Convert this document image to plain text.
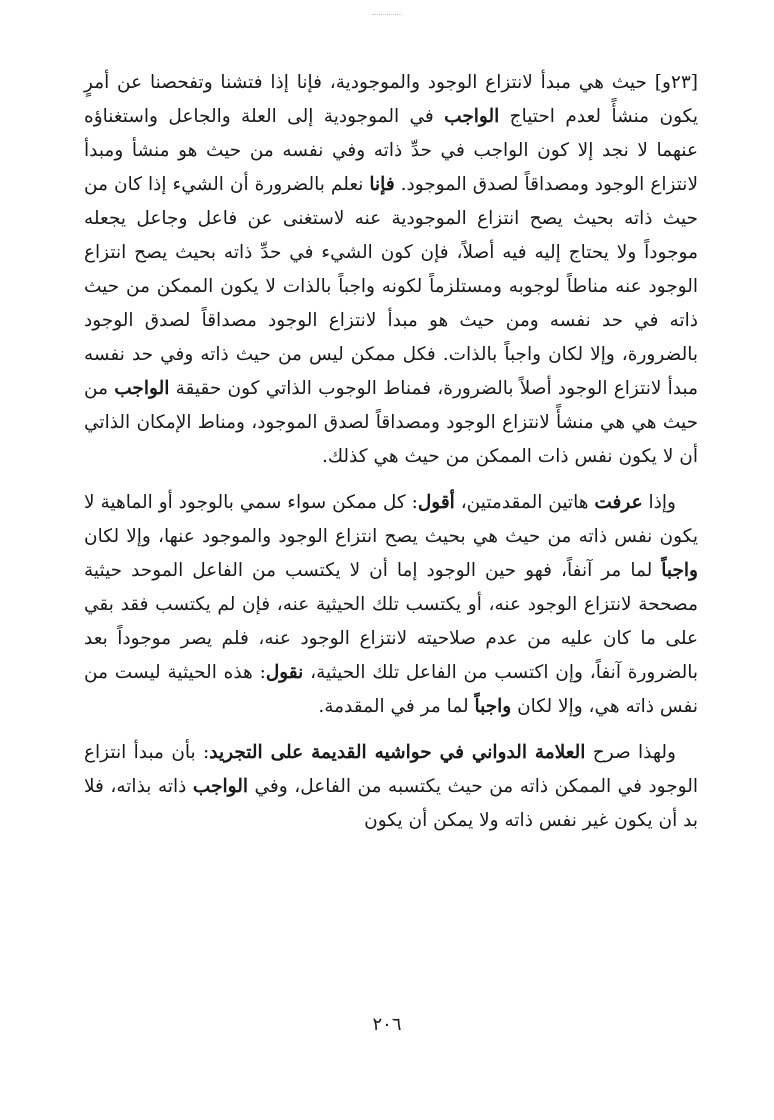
[٢٣و] حيث هي مبدأ لانتزاع الوجود والموجودية، فإنا إذا فتشنا وتفحصنا عن أمرٍ يكون منشأً لعدم احتياج الواجب في الموجودية إلى العلة والجاعل واستغناؤه عنهما لا نجد إلا كون الواجب في حدِّ ذاته وفي نفسه من حيث هو منشأ ومبدأ لانتزاع الوجود ومصداقاً لصدق الموجود. فإنا نعلم بالضرورة أن الشيء إذا كان من حيث ذاته بحيث يصح انتزاع الموجودية عنه لاستغنى عن فاعل وجاعل يجعله موجوداً ولا يحتاج إليه فيه أصلاً، فإن كون الشيء في حدِّ ذاته بحيث يصح انتزاع الوجود عنه مناطاً لوجوبه ومستلزماً لكونه واجباً بالذات لا يكون الممكن من حيث ذاته في حد نفسه ومن حيث هو مبدأ لانتزاع الوجود مصداقاً لصدق الوجود بالضرورة، وإلا لكان واجباً بالذات. فكل ممكن ليس من حيث ذاته وفي حد نفسه مبدأ لانتزاع الوجود أصلاً بالضرورة، فمناط الوجوب الذاتي كون حقيقة الواجب من حيث هي هي منشأً لانتزاع الوجود ومصداقاً لصدق الموجود، ومناط الإمكان الذاتي أن لا يكون نفس ذات الممكن من حيث هي كذلك.

وإذا عرفت هاتين المقدمتين، أقول: كل ممكن سواء سمي بالوجود أو الماهية لا يكون نفس ذاته من حيث هي بحيث يصح انتزاع الوجود والموجود عنها، وإلا لكان واجباً لما مر آنفاً، فهو حين الوجود إما أن لا يكتسب من الفاعل الموحد حيثية مصححة لانتزاع الوجود عنه، أو يكتسب تلك الحيثية عنه، فإن لم يكتسب فقد بقي على ما كان عليه من عدم صلاحيته لانتزاع الوجود عنه، فلم يصر موجوداً بعد بالضرورة آنفاً، وإن اكتسب من الفاعل تلك الحيثية، نقول: هذه الحيثية ليست من نفس ذاته هي، وإلا لكان واجباً لما مر في المقدمة.

ولهذا صرح العلامة الدواني في حواشيه القديمة على التجريد: بأن مبدأ انتزاع الوجود في الممكن ذاته من حيث يكتسبه من الفاعل، وفي الواجب ذاته بذاته، فلا بد أن يكون غير نفس ذاته ولا يمكن أن يكون

٢٠٦
